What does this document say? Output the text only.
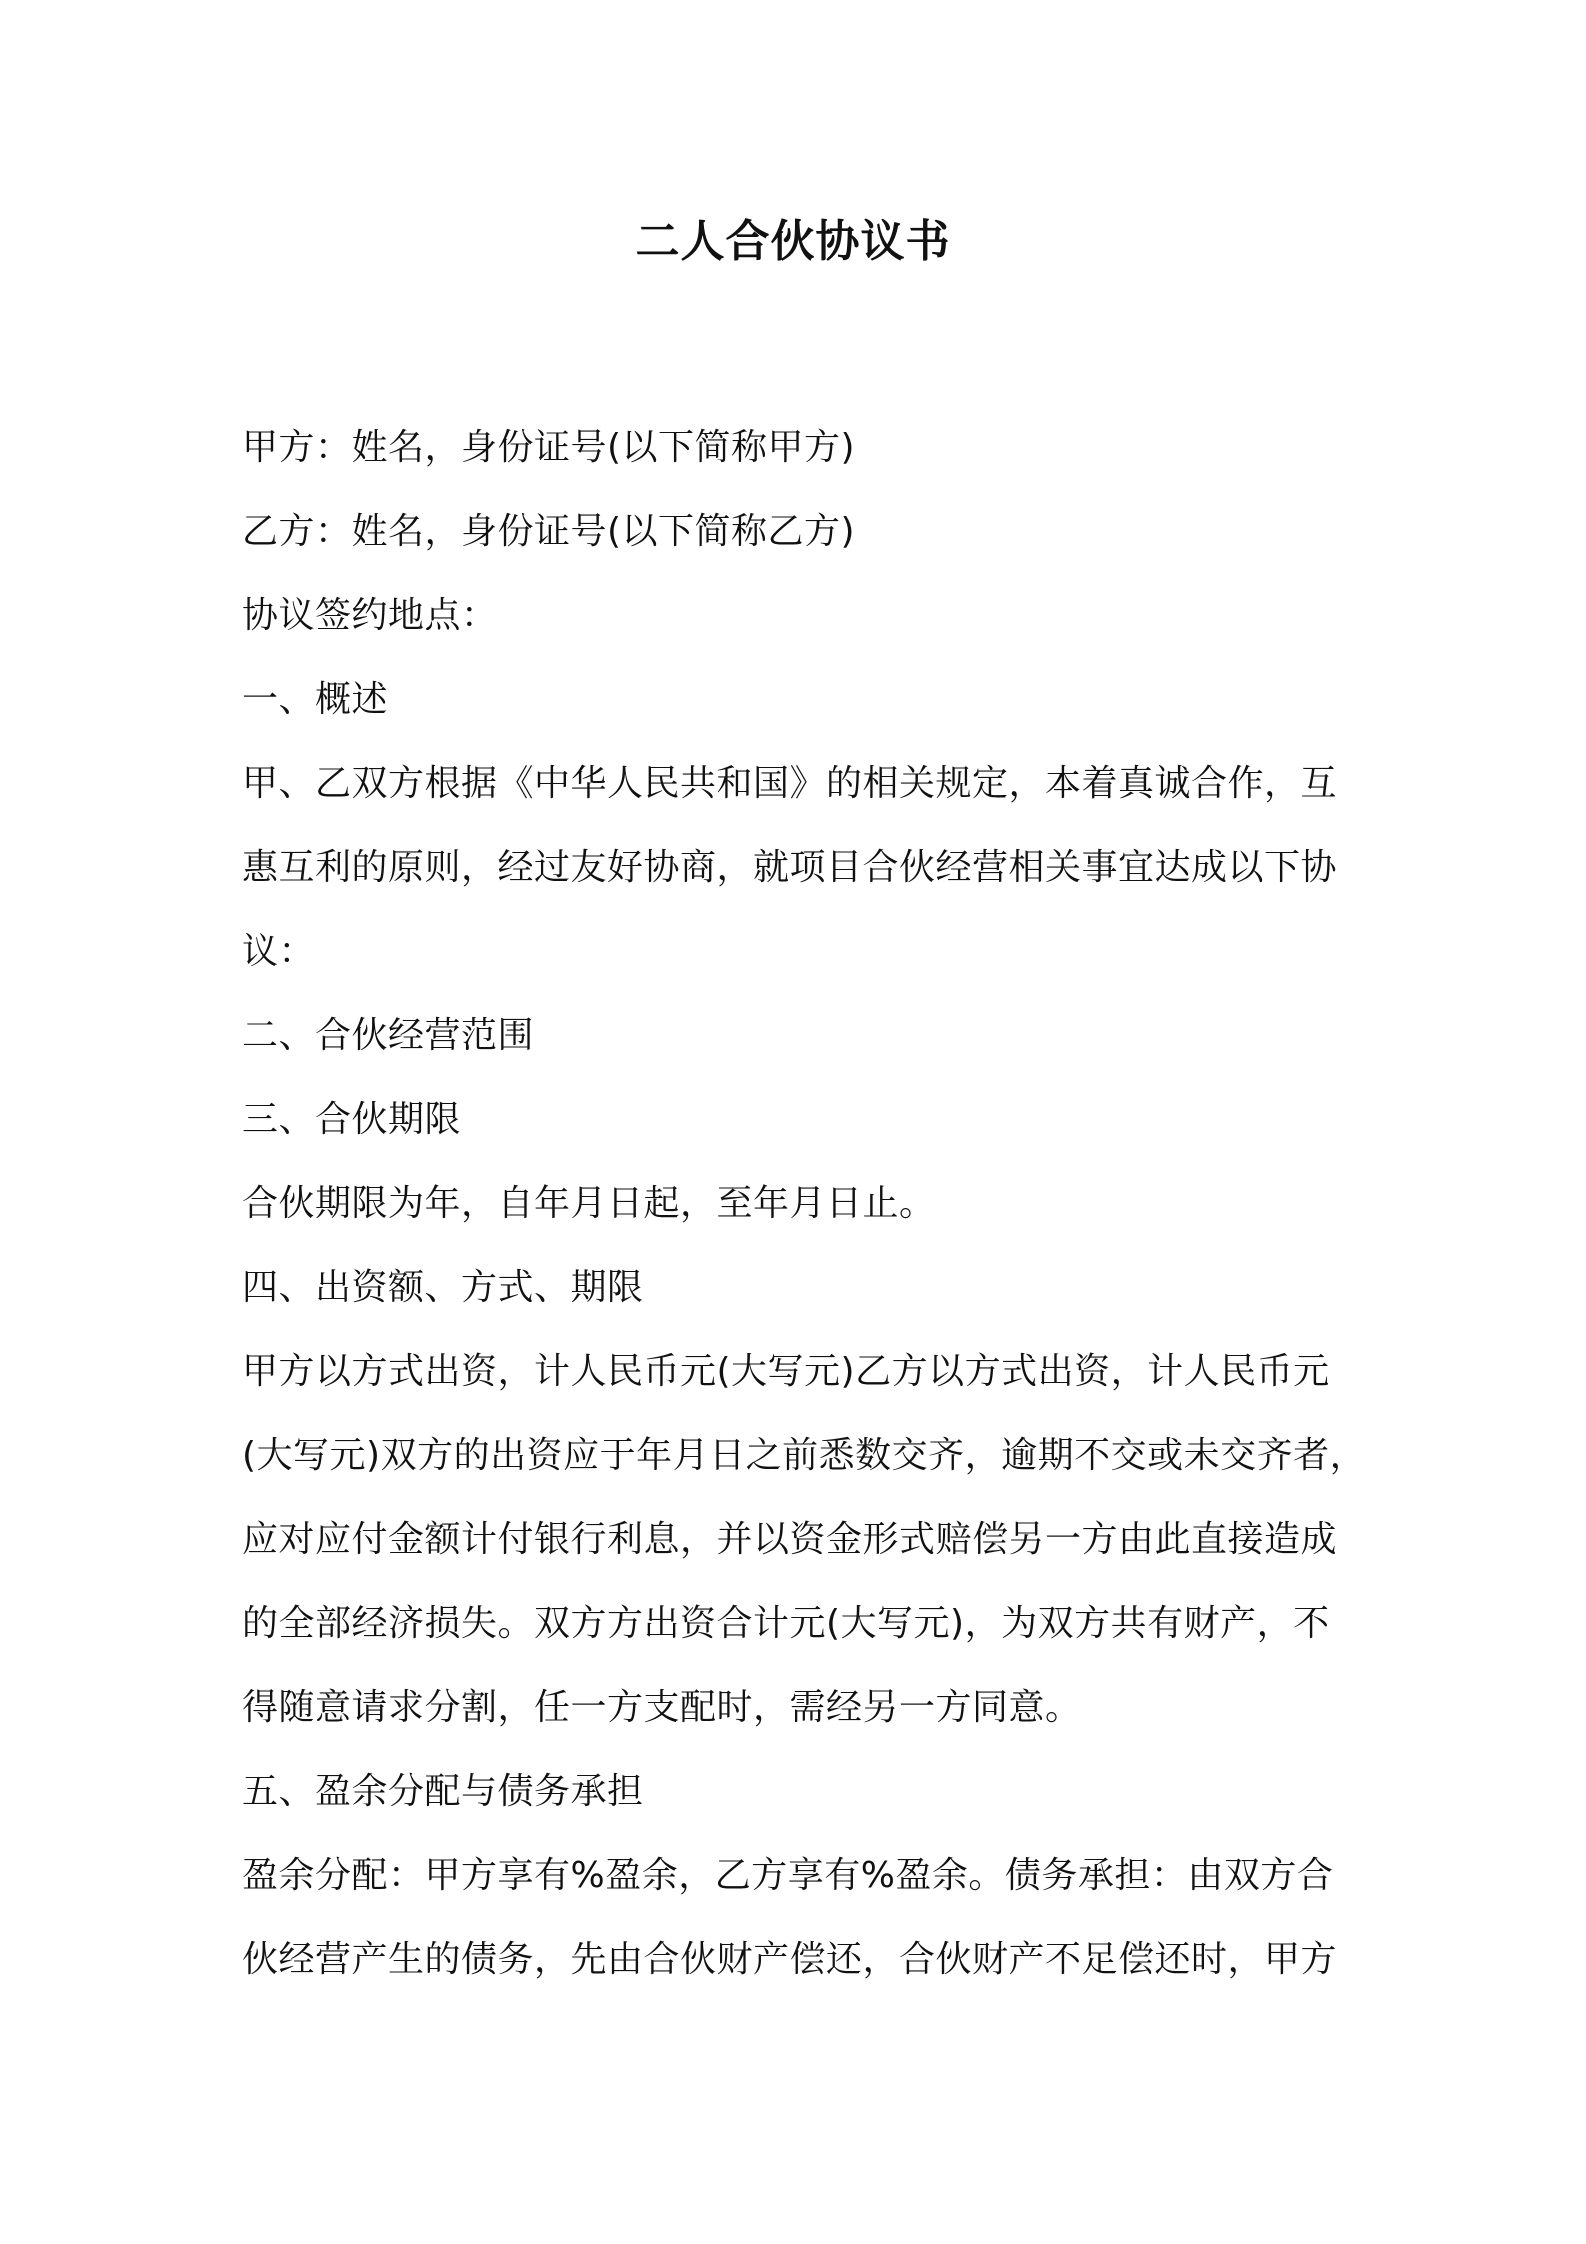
二人合伙协议书
甲方：姓名，身份证号(以下简称甲方)
乙方：姓名，身份证号(以下简称乙方)
协议签约地点：
一、概述
甲、乙双方根据《中华人民共和国》的相关规定，本着真诚合作，互
惠互利的原则，经过友好协商，就项目合伙经营相关事宜达成以下协
议：
二、合伙经营范围
三、合伙期限
合伙期限为年，自年月日起，至年月日止。
四、出资额、方式、期限
甲方以方式出资，计人民币元(大写元)乙方以方式出资，计人民币元
(大写元)双方的出资应于年月日之前悉数交齐，逾期不交或未交齐者，
应对应付金额计付银行利息，并以资金形式赔偿另一方由此直接造成
的全部经济损失。双方方出资合计元(大写元)，为双方共有财产，不
得随意请求分割，任一方支配时，需经另一方同意。
五、盈余分配与债务承担
盈余分配：甲方享有%盈余，乙方享有%盈余。债务承担：由双方合
伙经营产生的债务，先由合伙财产偿还，合伙财产不足偿还时，甲方
